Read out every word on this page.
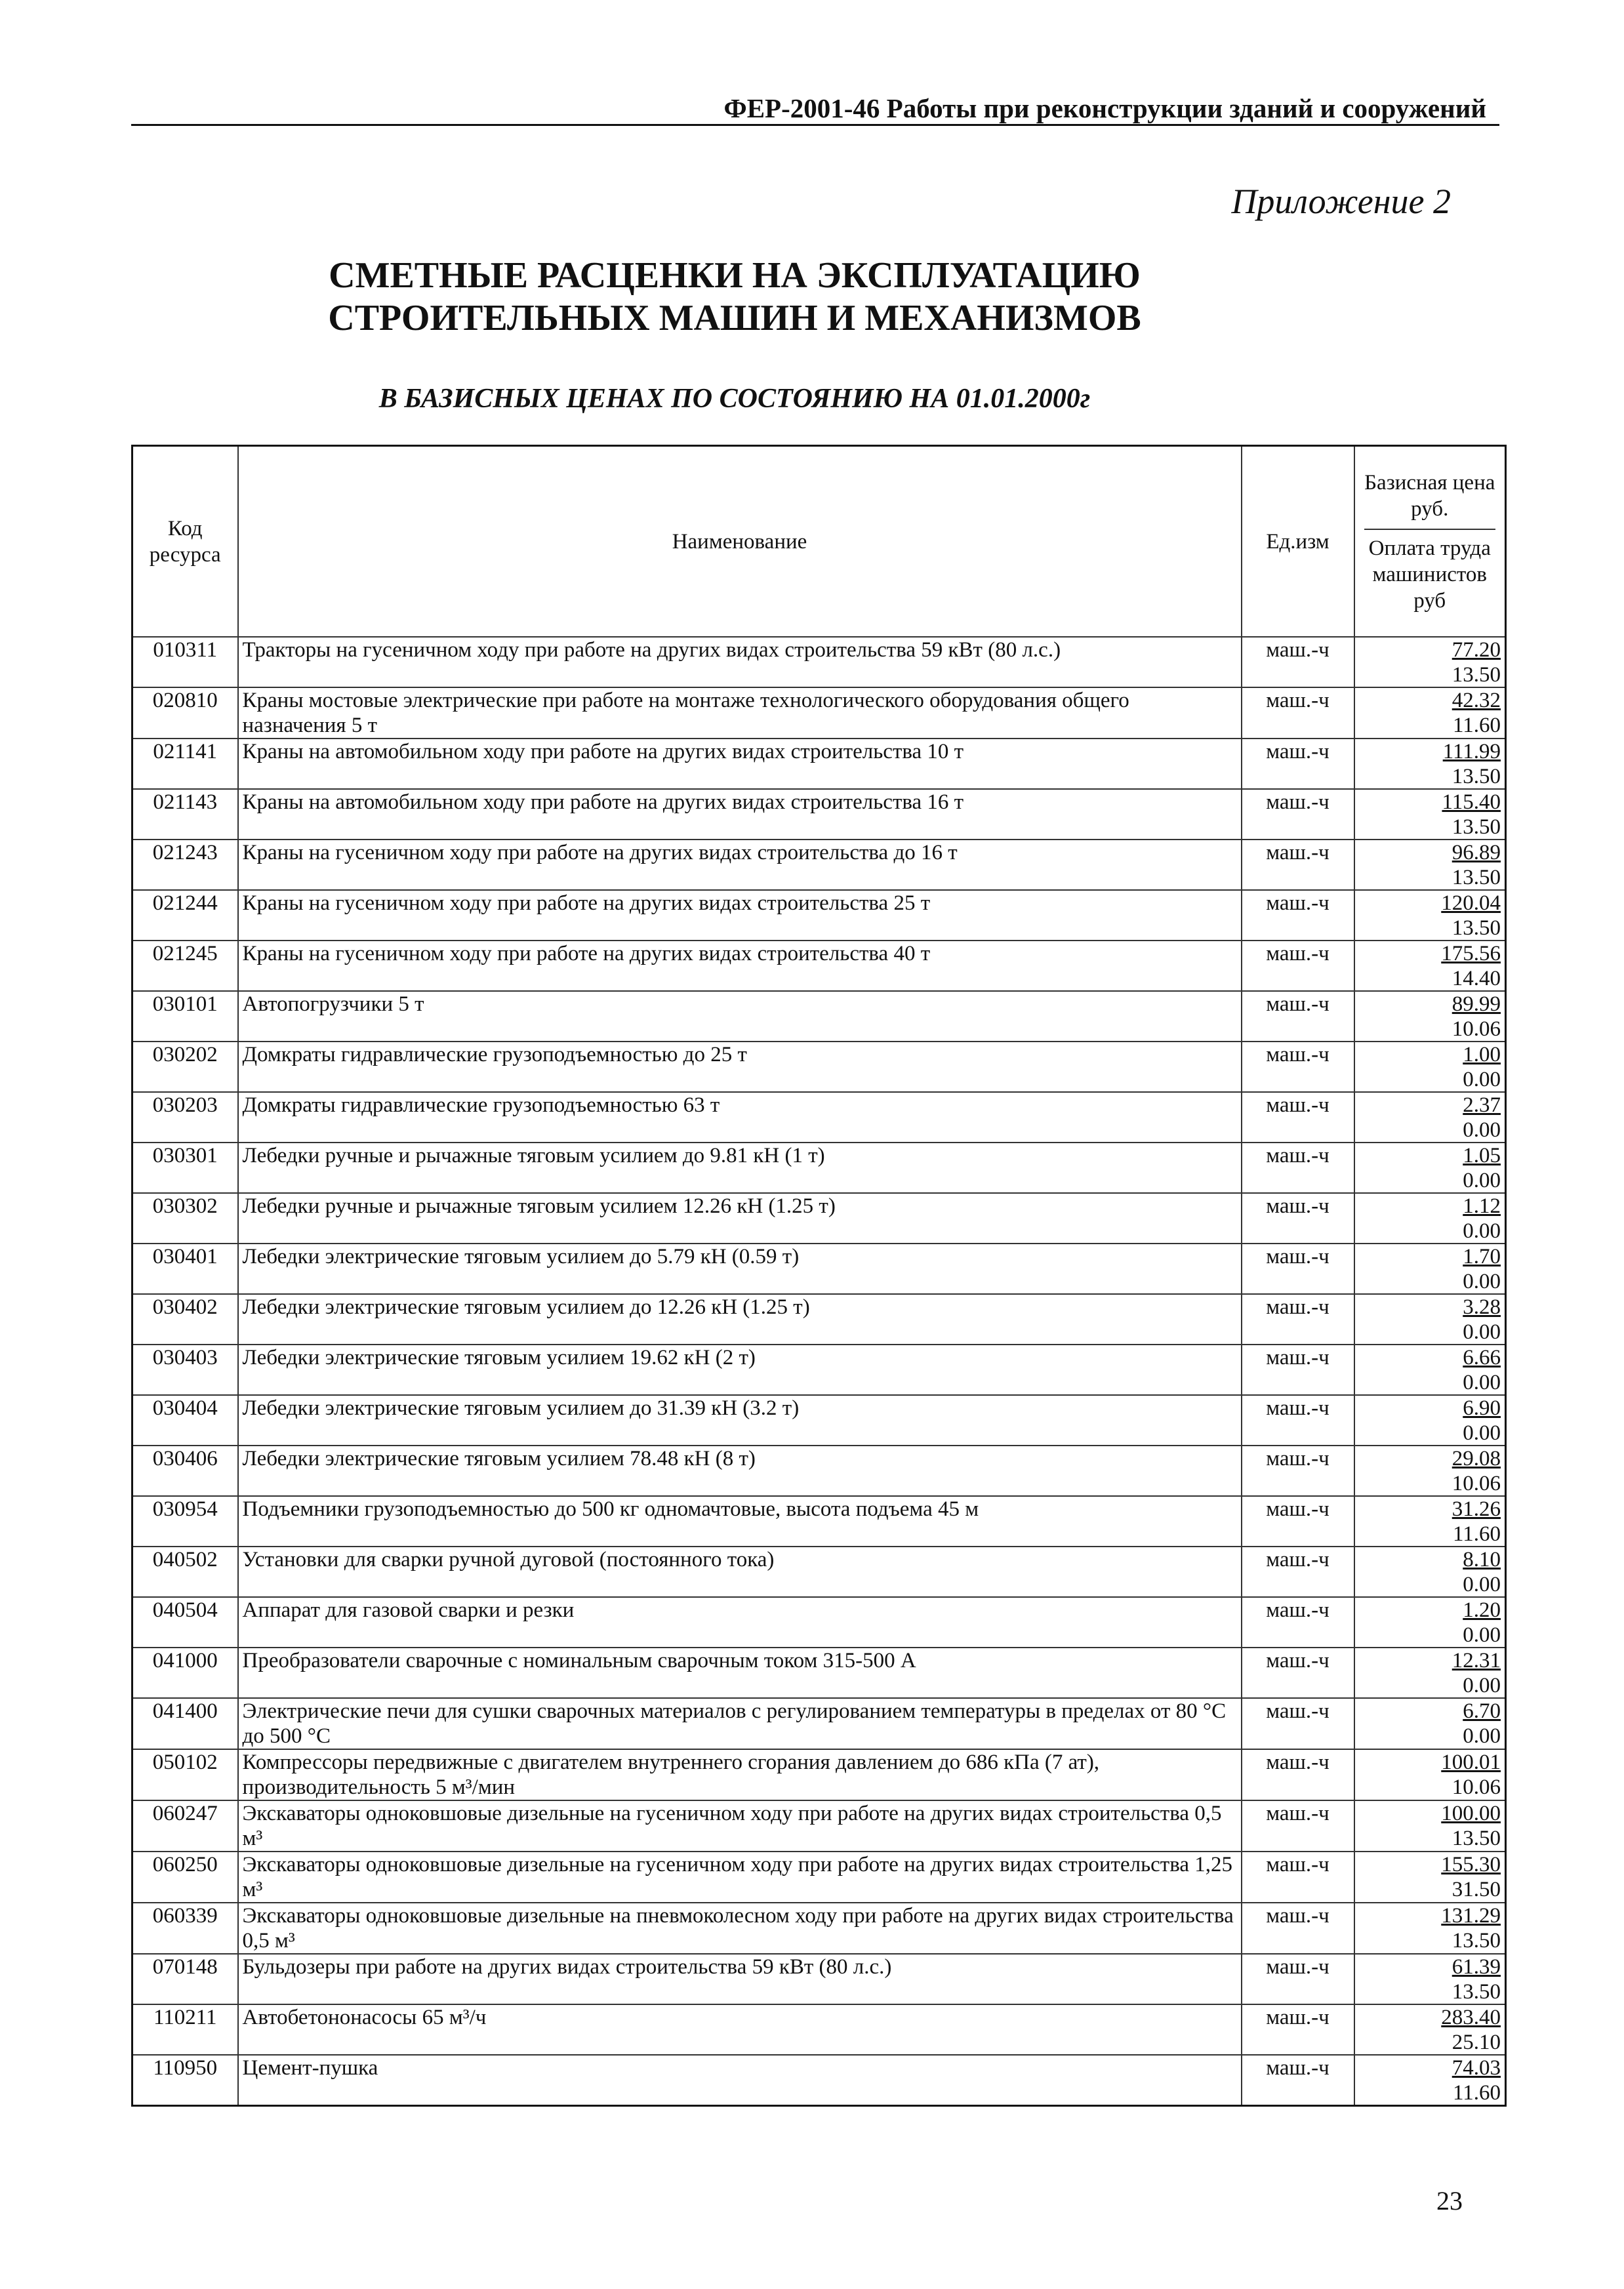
ФЕР-2001-46 Работы при реконструкции зданий и сооружений
Приложение 2
СМЕТНЫЕ РАСЦЕНКИ НА ЭКСПЛУАТАЦИЮ
СТРОИТЕЛЬНЫХ МАШИН И МЕХАНИЗМОВ
В БАЗИСНЫХ ЦЕНАХ ПО СОСТОЯНИЮ НА 01.01.2000г
Код ресурса	Наименование	Ед.изм	Базисная цена руб.
Оплата труда машинистов руб
010311	Тракторы на гусеничном ходу при работе на других видах строительства 59 кВт (80 л.с.)	маш.-ч	77.20
13.50

020810	Краны мостовые электрические при работе на монтаже технологического оборудования общего назначения 5 т	маш.-ч	42.32
11.60

021141	Краны на автомобильном ходу при работе на других видах строительства 10 т	маш.-ч	111.99
13.50

021143	Краны на автомобильном ходу при работе на других видах строительства 16 т	маш.-ч	115.40
13.50

021243	Краны на гусеничном ходу при работе на других видах строительства до 16 т	маш.-ч	96.89
13.50

021244	Краны на гусеничном ходу при работе на других видах строительства 25 т	маш.-ч	120.04
13.50

021245	Краны на гусеничном ходу при работе на других видах строительства 40 т	маш.-ч	175.56
14.40

030101	Автопогрузчики 5 т	маш.-ч	89.99
10.06

030202	Домкраты гидравлические грузоподъемностью до 25 т	маш.-ч	1.00
0.00

030203	Домкраты гидравлические грузоподъемностью 63 т	маш.-ч	2.37
0.00

030301	Лебедки ручные и рычажные тяговым усилием до 9.81 кН (1 т)	маш.-ч	1.05
0.00

030302	Лебедки ручные и рычажные тяговым усилием 12.26 кН (1.25 т)	маш.-ч	1.12
0.00

030401	Лебедки электрические тяговым усилием до 5.79 кН (0.59 т)	маш.-ч	1.70
0.00

030402	Лебедки электрические тяговым усилием до 12.26 кН (1.25 т)	маш.-ч	3.28
0.00

030403	Лебедки электрические тяговым усилием 19.62 кН (2 т)	маш.-ч	6.66
0.00

030404	Лебедки электрические тяговым усилием до 31.39 кН (3.2 т)	маш.-ч	6.90
0.00

030406	Лебедки электрические тяговым усилием 78.48 кН (8 т)	маш.-ч	29.08
10.06

030954	Подъемники грузоподъемностью до 500 кг одномачтовые, высота подъема 45 м	маш.-ч	31.26
11.60

040502	Установки для сварки ручной дуговой (постоянного тока)	маш.-ч	8.10
0.00

040504	Аппарат для газовой сварки и резки	маш.-ч	1.20
0.00

041000	Преобразователи сварочные с номинальным сварочным током 315-500 А	маш.-ч	12.31
0.00

041400	Электрические печи для сушки сварочных материалов с регулированием температуры в пределах от 80 °С до 500 °С	маш.-ч	6.70
0.00

050102	Компрессоры передвижные с двигателем внутреннего сгорания давлением до 686 кПа (7 ат), производительность 5 м³/мин	маш.-ч	100.01
10.06

060247	Экскаваторы одноковшовые дизельные на гусеничном ходу при работе на других видах строительства 0,5 м³	маш.-ч	100.00
13.50

060250	Экскаваторы одноковшовые дизельные на гусеничном ходу при работе на других видах строительства 1,25 м³	маш.-ч	155.30
31.50

060339	Экскаваторы одноковшовые дизельные на пневмоколесном ходу при работе на других видах строительства 0,5 м³	маш.-ч	131.29
13.50

070148	Бульдозеры при работе на других видах строительства 59 кВт (80 л.с.)	маш.-ч	61.39
13.50

110211	Автобетононасосы 65 м³/ч	маш.-ч	283.40
25.10

110950	Цемент-пушка	маш.-ч	74.03
11.60
23
